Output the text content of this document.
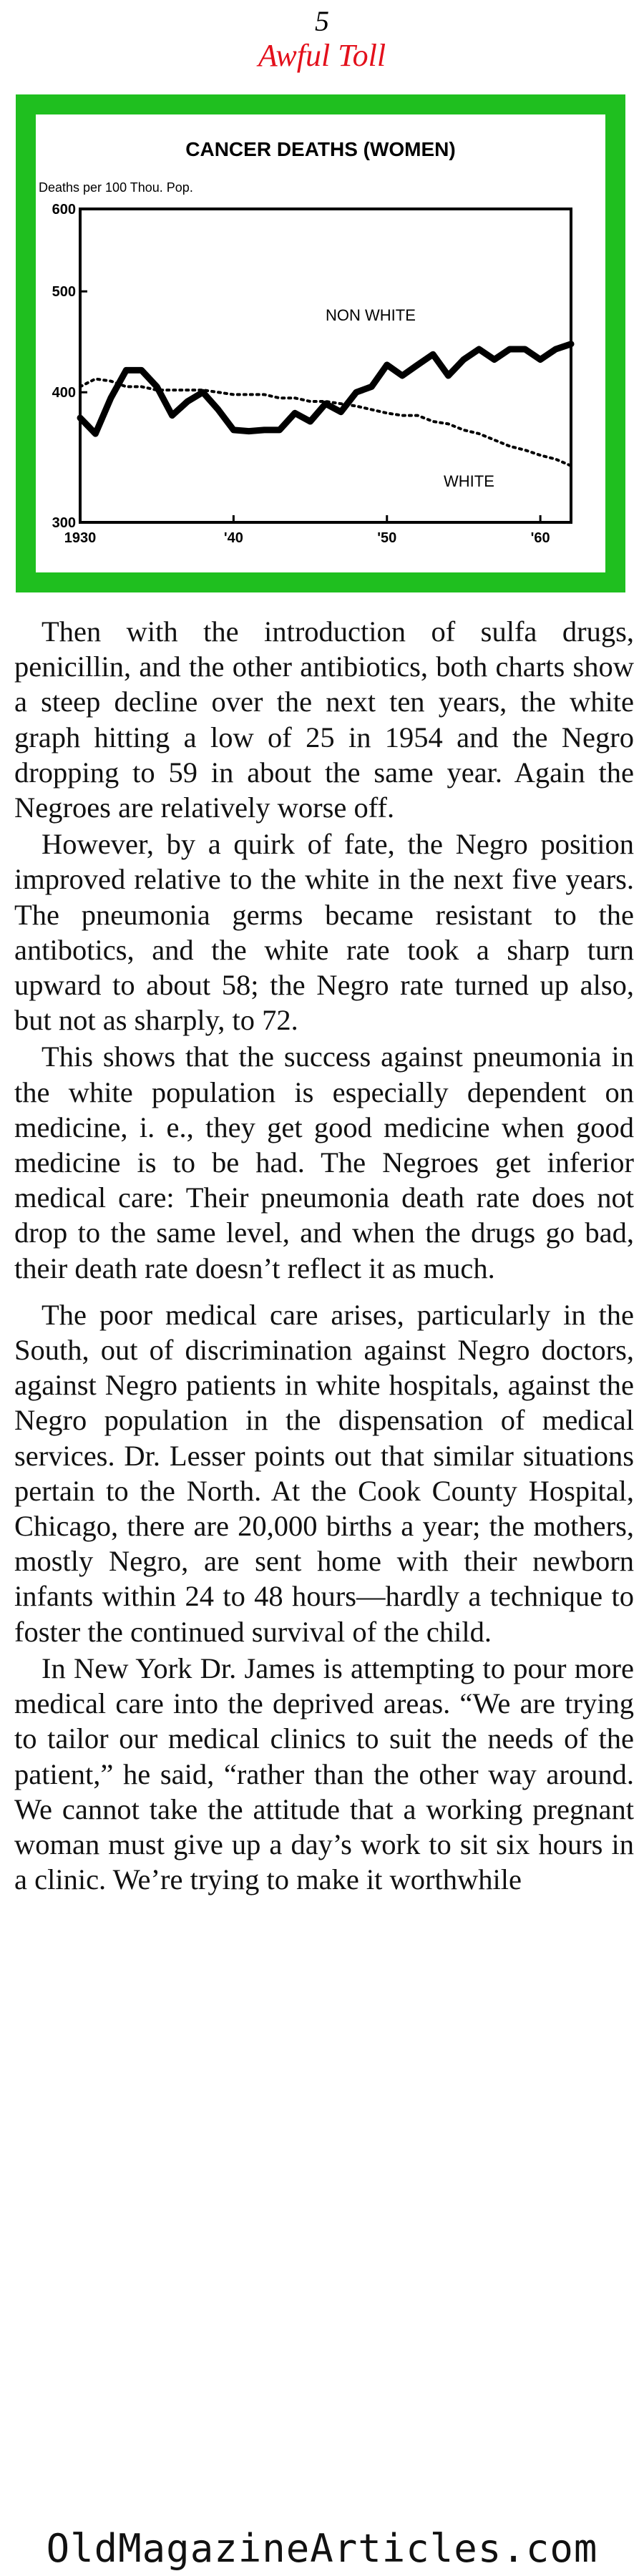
5
Awful Toll
CANCER DEATHS (WOMEN)
Deaths per 100 Thou. Pop.
1930	'40	'50	'60
300
400
500
600
NON WHITE
WHITE

Then with the introduction of sulfa drugs, penicillin, and the other antibiotics, both charts show a steep decline over the next ten years, the white graph hitting a low of 25 in 1954 and the Negro dropping to 59 in about the same year. Again the Negroes are relatively worse off.

However, by a quirk of fate, the Negro position improved relative to the white in the next five years. The pneumonia germs became resistant to the antibotics, and the white rate took a sharp turn upward to about 58; the Negro rate turned up also, but not as sharply, to 72.

This shows that the success against pneumonia in the white population is especially dependent on medicine, i. e., they get good medicine when good medicine is to be had. The Negroes get inferior medical care: Their pneumonia death rate does not drop to the same level, and when the drugs go bad, their death rate doesn’t reflect it as much.

The poor medical care arises, particularly in the South, out of discrimination against Negro doctors, against Negro patients in white hospitals, against the Negro population in the dispensation of medical services. Dr. Lesser points out that similar situations pertain to the North. At the Cook County Hospital, Chicago, there are 20,000 births a year; the mothers, mostly Negro, are sent home with their newborn infants within 24 to 48 hours—hardly a technique to foster the continued survival of the child.

In New York Dr. James is attempting to pour more medical care into the deprived areas. “We are trying to tailor our medical clinics to suit the needs of the patient,” he said, “rather than the other way around. We cannot take the attitude that a working pregnant woman must give up a day’s work to sit six hours in a clinic. We’re trying to make it worthwhile

OldMagazineArticles.com
